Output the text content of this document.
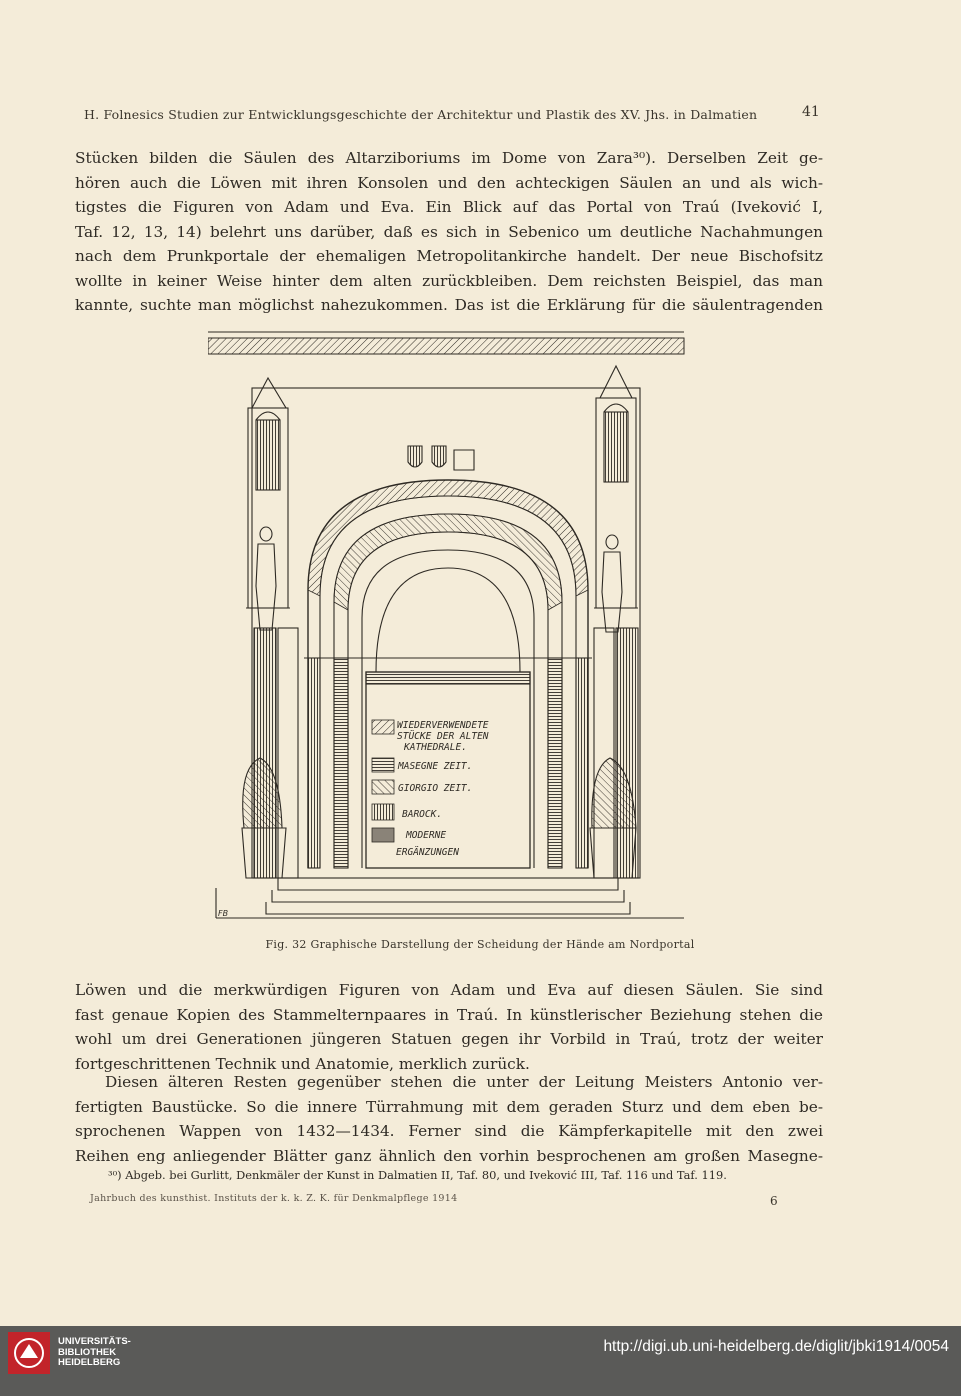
H. Folnesics Studien zur Entwicklungsgeschichte der Architektur und Plastik des XV. Jhs. in Dalmatien	41
Stücken bilden die Säulen des Altarziboriums im Dome von Zara³⁰). Derselben Zeit ge-
hören auch die Löwen mit ihren Konsolen und den achteckigen Säulen an und als wich-
tigstes die Figuren von Adam und Eva. Ein Blick auf das Portal von Traú (Iveković I,
Taf. 12, 13, 14) belehrt uns darüber, daß es sich in Sebenico um deutliche Nachahmungen
nach dem Prunkportale der ehemaligen Metropolitankirche handelt. Der neue Bischofsitz
wollte in keiner Weise hinter dem alten zurückbleiben. Dem reichsten Beispiel, das man
kannte, suchte man möglichst nahezukommen. Das ist die Erklärung für die säulentragenden
WIEDERVERWENDETE
STÜCKE DER ALTEN
KATHEDRALE.
MASEGNE ZEIT.
GIORGIO ZEIT.
BAROCK.
MODERNE
ERGÄNZUNGEN
FB
Fig. 32 Graphische Darstellung der Scheidung der Hände am Nordportal
Löwen und die merkwürdigen Figuren von Adam und Eva auf diesen Säulen. Sie sind
fast genaue Kopien des Stammelternpaares in Traú. In künstlerischer Beziehung stehen die
wohl um drei Generationen jüngeren Statuen gegen ihr Vorbild in Traú, trotz der weiter
fortgeschrittenen Technik und Anatomie, merklich zurück.
Diesen älteren Resten gegenüber stehen die unter der Leitung Meisters Antonio ver-
fertigten Baustücke. So die innere Türrahmung mit dem geraden Sturz und dem eben be-
sprochenen Wappen von 1432—1434. Ferner sind die Kämpferkapitelle mit den zwei
Reihen eng anliegender Blätter ganz ähnlich den vorhin besprochenen am großen Masegne-
³⁰) Abgeb. bei Gurlitt, Denkmäler der Kunst in Dalmatien II, Taf. 80, und Iveković III, Taf. 116 und Taf. 119.
Jahrbuch des kunsthist. Instituts der k. k. Z. K. für Denkmalpflege 1914	6
UNIVERSITÄTS-
BIBLIOTHEK
HEIDELBERG
http://digi.ub.uni-heidelberg.de/diglit/jbki1914/0054
